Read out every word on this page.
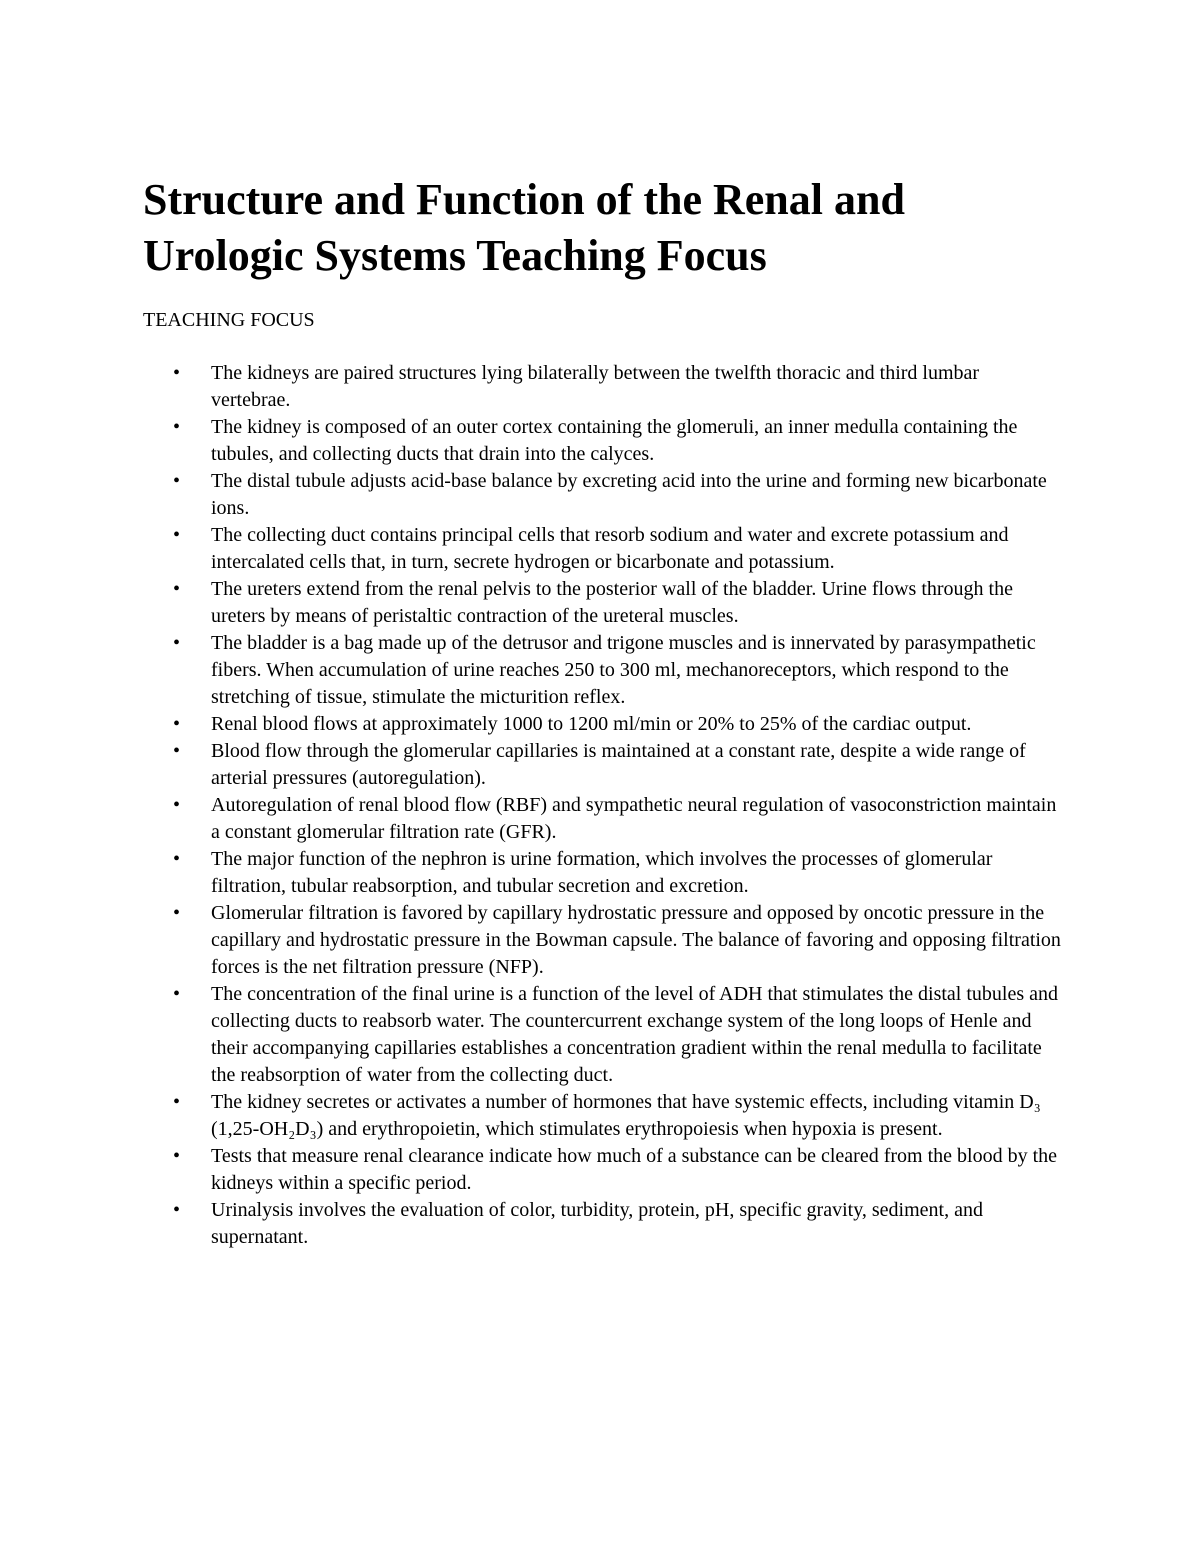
Structure and Function of the Renal and Urologic Systems Teaching Focus

TEACHING FOCUS

• The kidneys are paired structures lying bilaterally between the twelfth thoracic and third lumbar vertebrae.
• The kidney is composed of an outer cortex containing the glomeruli, an inner medulla containing the tubules, and collecting ducts that drain into the calyces.
• The distal tubule adjusts acid-base balance by excreting acid into the urine and forming new bicarbonate ions.
• The collecting duct contains principal cells that resorb sodium and water and excrete potassium and intercalated cells that, in turn, secrete hydrogen or bicarbonate and potassium.
• The ureters extend from the renal pelvis to the posterior wall of the bladder. Urine flows through the ureters by means of peristaltic contraction of the ureteral muscles.
• The bladder is a bag made up of the detrusor and trigone muscles and is innervated by parasympathetic fibers. When accumulation of urine reaches 250 to 300 ml, mechanoreceptors, which respond to the stretching of tissue, stimulate the micturition reflex.
• Renal blood flows at approximately 1000 to 1200 ml/min or 20% to 25% of the cardiac output.
• Blood flow through the glomerular capillaries is maintained at a constant rate, despite a wide range of arterial pressures (autoregulation).
• Autoregulation of renal blood flow (RBF) and sympathetic neural regulation of vasoconstriction maintain a constant glomerular filtration rate (GFR).
• The major function of the nephron is urine formation, which involves the processes of glomerular filtration, tubular reabsorption, and tubular secretion and excretion.
• Glomerular filtration is favored by capillary hydrostatic pressure and opposed by oncotic pressure in the capillary and hydrostatic pressure in the Bowman capsule. The balance of favoring and opposing filtration forces is the net filtration pressure (NFP).
• The concentration of the final urine is a function of the level of ADH that stimulates the distal tubules and collecting ducts to reabsorb water. The countercurrent exchange system of the long loops of Henle and their accompanying capillaries establishes a concentration gradient within the renal medulla to facilitate the reabsorption of water from the collecting duct.
• The kidney secretes or activates a number of hormones that have systemic effects, including vitamin D₃ (1,25-OH₂D₃) and erythropoietin, which stimulates erythropoiesis when hypoxia is present.
• Tests that measure renal clearance indicate how much of a substance can be cleared from the blood by the kidneys within a specific period.
• Urinalysis involves the evaluation of color, turbidity, protein, pH, specific gravity, sediment, and supernatant.
